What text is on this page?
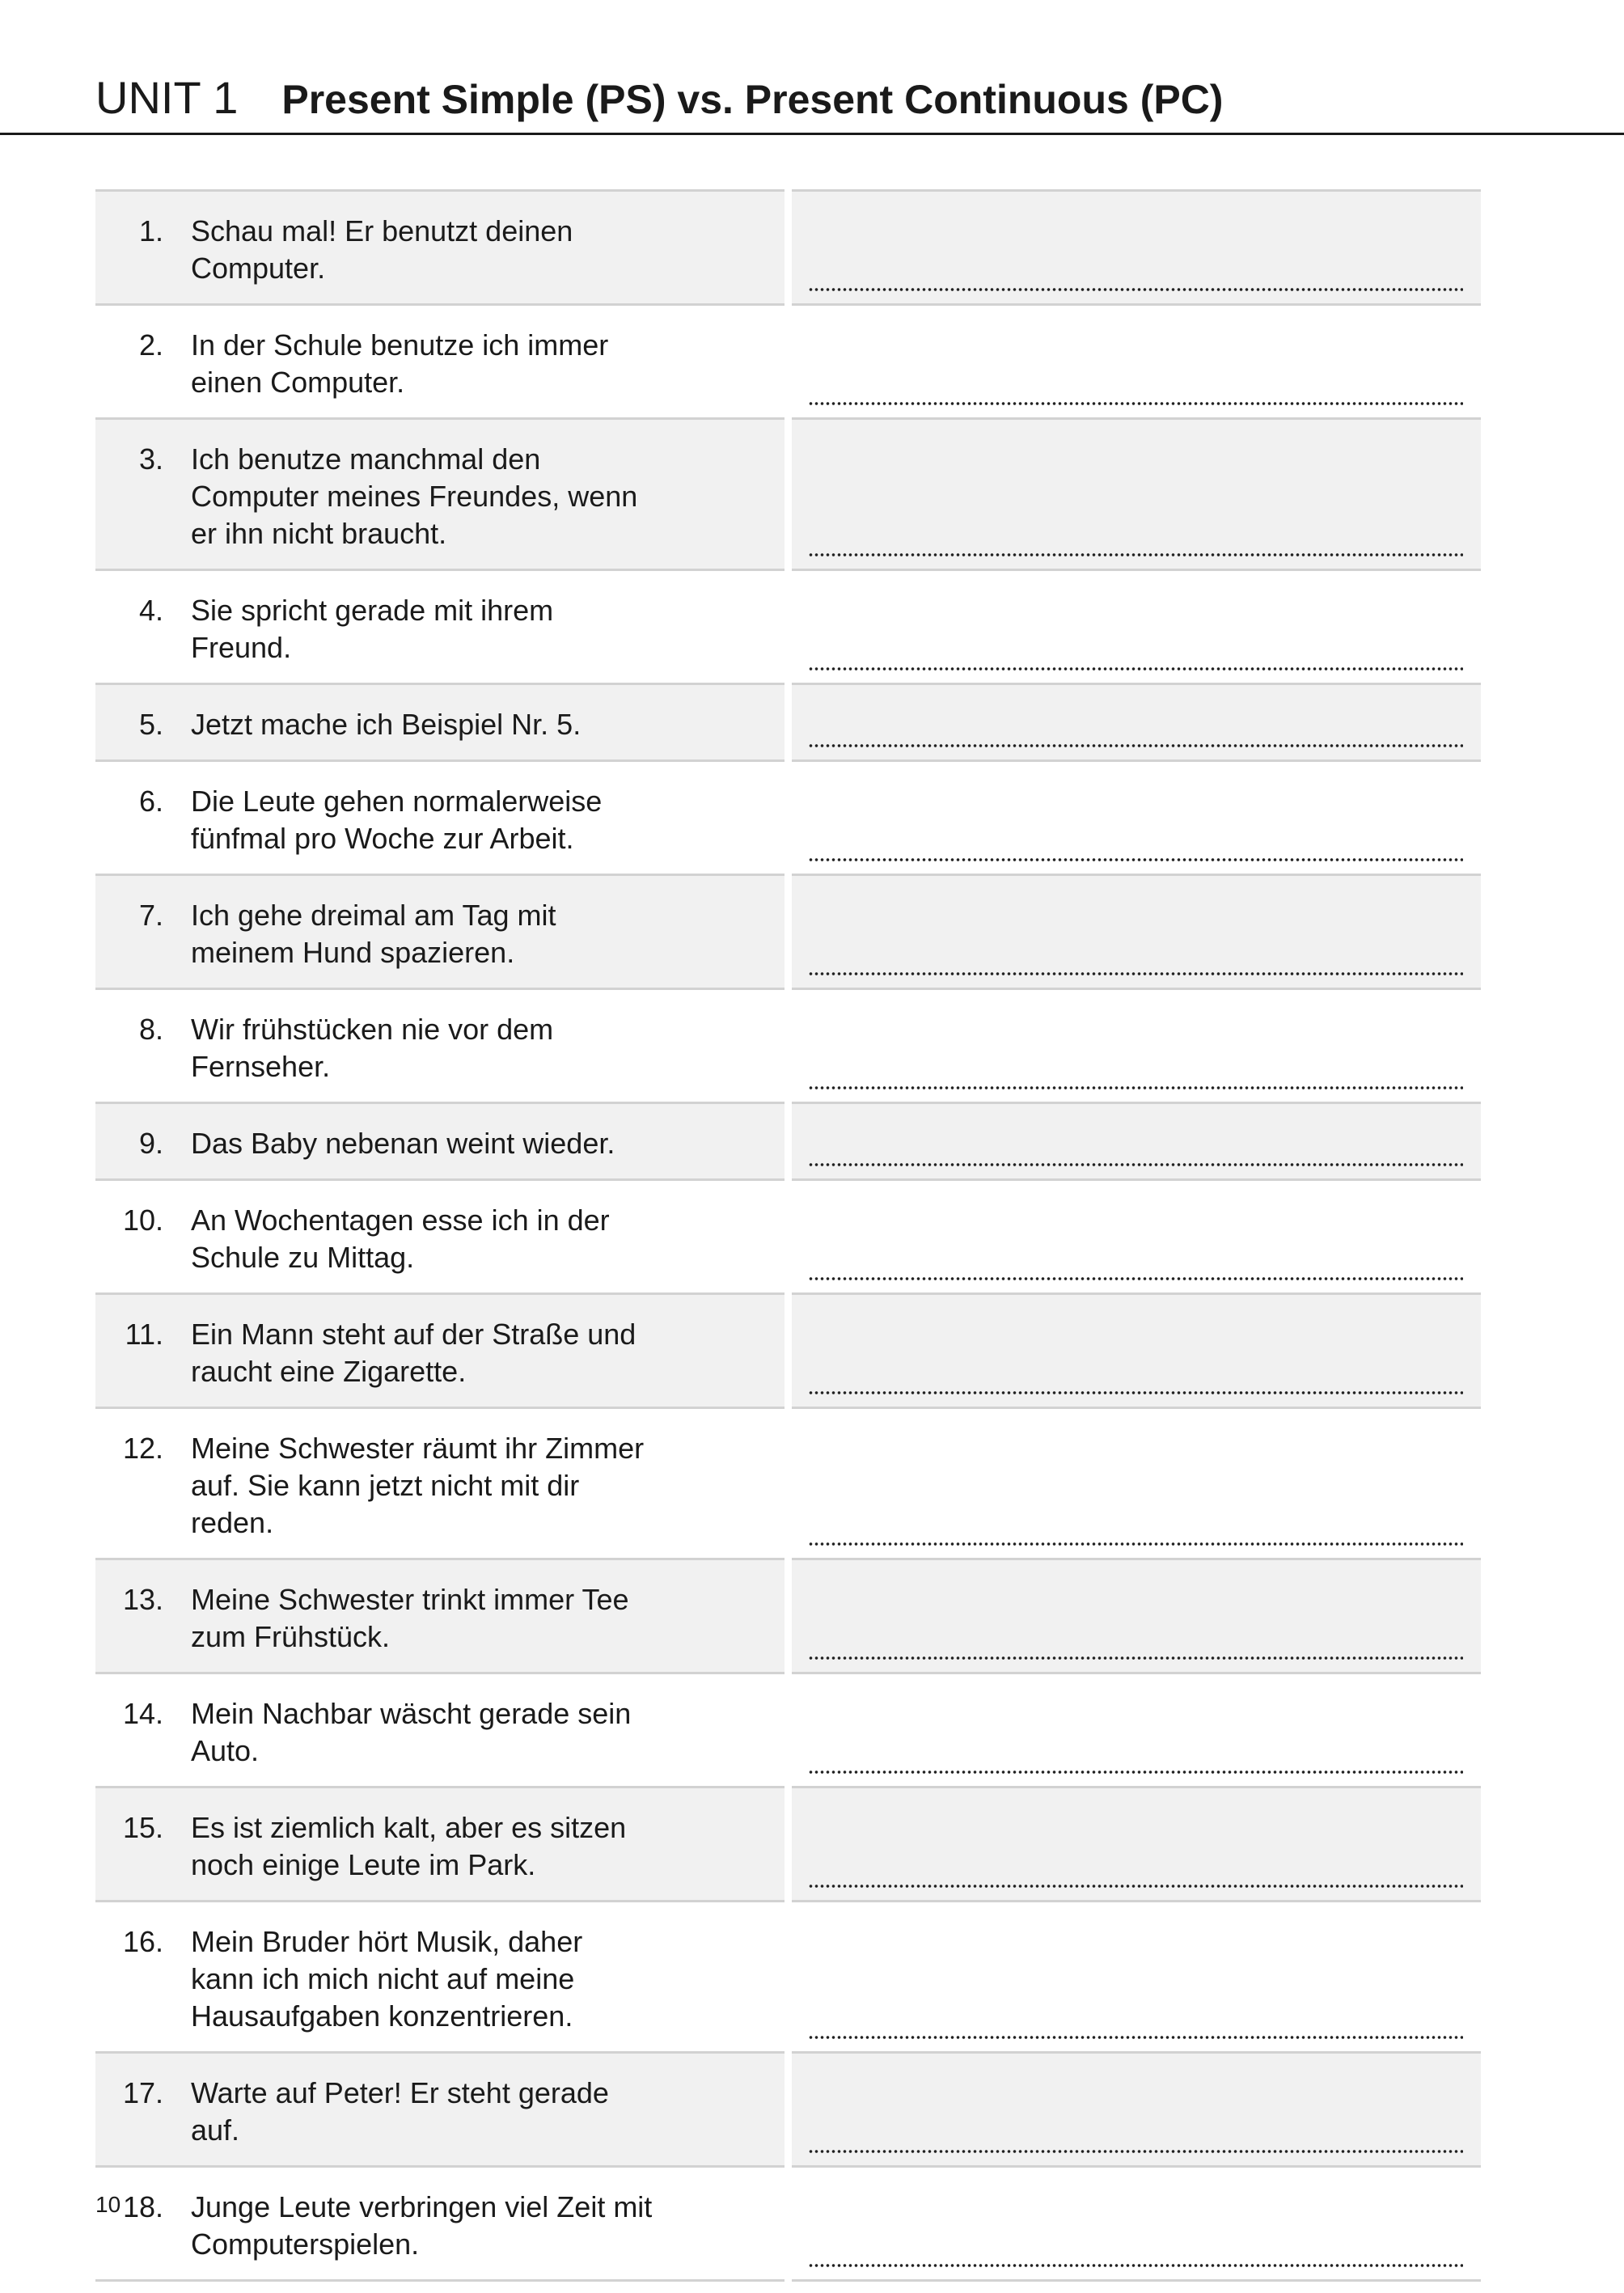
UNIT 1 Present Simple (PS) vs. Present Continuous (PC)
1. Schau mal! Er benutzt deinen
Computer.
2. In der Schule benutze ich immer
einen Computer.
3. Ich benutze manchmal den
Computer meines Freundes, wenn
er ihn nicht braucht.
4. Sie spricht gerade mit ihrem
Freund.
5. Jetzt mache ich Beispiel Nr. 5.
6. Die Leute gehen normalerweise
fünfmal pro Woche zur Arbeit.
7. Ich gehe dreimal am Tag mit
meinem Hund spazieren.
8. Wir frühstücken nie vor dem
Fernseher.
9. Das Baby nebenan weint wieder.
10. An Wochentagen esse ich in der
Schule zu Mittag.
11. Ein Mann steht auf der Straße und
raucht eine Zigarette.
12. Meine Schwester räumt ihr Zimmer
auf. Sie kann jetzt nicht mit dir
reden.
13. Meine Schwester trinkt immer Tee
zum Frühstück.
14. Mein Nachbar wäscht gerade sein
Auto.
15. Es ist ziemlich kalt, aber es sitzen
noch einige Leute im Park.
16. Mein Bruder hört Musik, daher
kann ich mich nicht auf meine
Hausaufgaben konzentrieren.
17. Warte auf Peter! Er steht gerade
auf.
18. Junge Leute verbringen viel Zeit mit
Computerspielen.
10
